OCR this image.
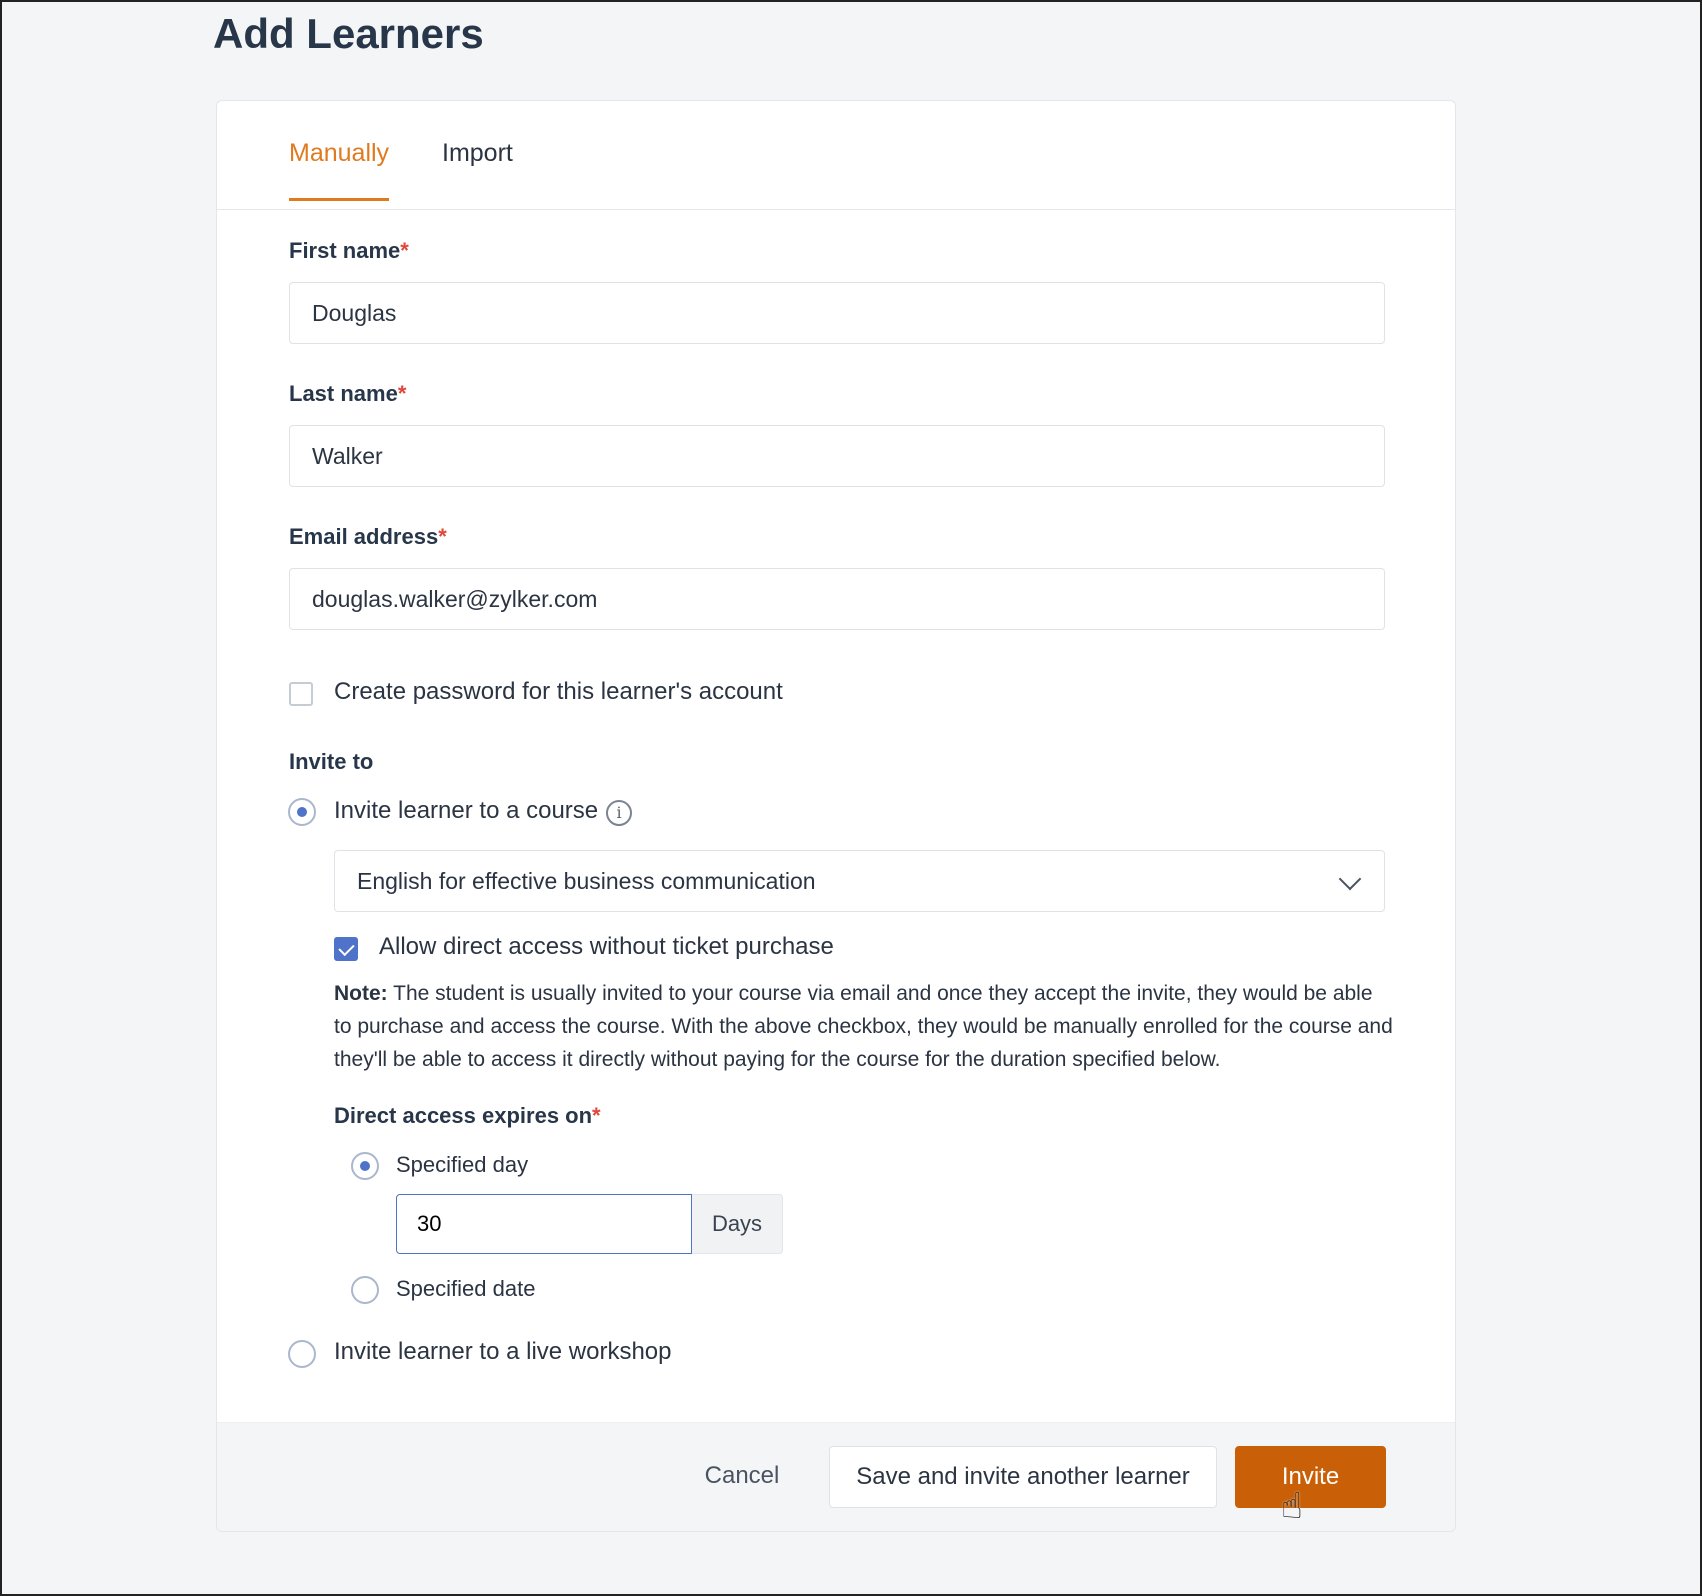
Add Learners
Manually Import
First name*
Douglas
Last name*
Walker
Email address*
douglas.walker@zylker.com
Create password for this learner's account
Invite to
Invite learner to a course	i
English for effective business communication
Allow direct access without ticket purchase
Note: The student is usually invited to your course via email and once they accept the invite, they would be able to purchase and access the course. With the above checkbox, they would be manually enrolled for the course and they'll be able to access it directly without paying for the course for the duration specified below.
Direct access expires on*
Specified day
30
Days
Specified date
Invite learner to a live workshop
Cancel	Save and invite another learner	Invite
☝
